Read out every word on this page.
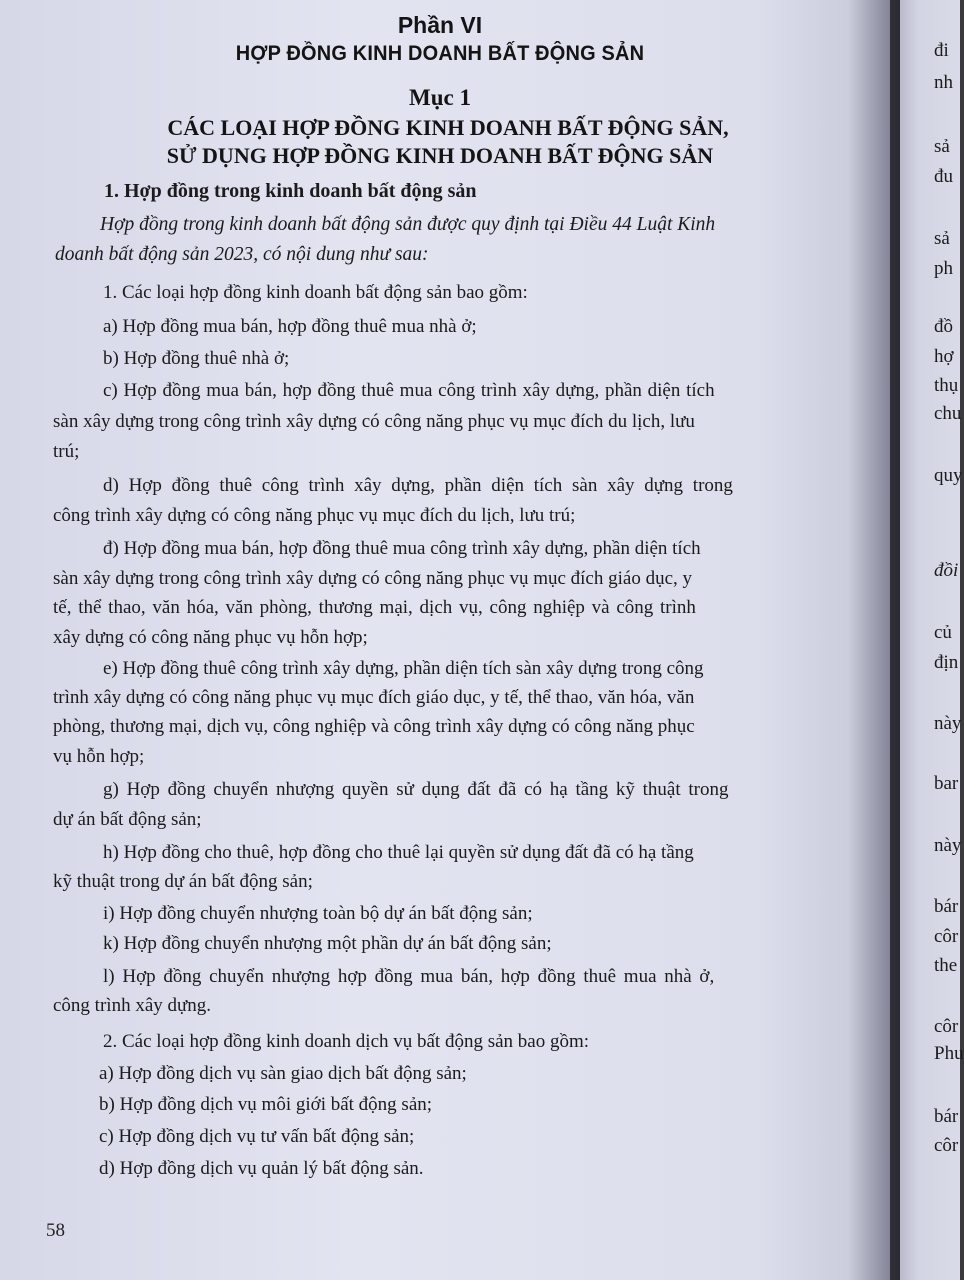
Phần VI
HỢP ĐỒNG KINH DOANH BẤT ĐỘNG SẢN
Mục 1
CÁC LOẠI HỢP ĐỒNG KINH DOANH BẤT ĐỘNG SẢN,
SỬ DỤNG HỢP ĐỒNG KINH DOANH BẤT ĐỘNG SẢN
1. Hợp đồng trong kinh doanh bất động sản
Hợp đồng trong kinh doanh bất động sản được quy định tại Điều 44 Luật Kinh
doanh bất động sản 2023, có nội dung như sau:
1. Các loại hợp đồng kinh doanh bất động sản bao gồm:
a) Hợp đồng mua bán, hợp đồng thuê mua nhà ở;
b) Hợp đồng thuê nhà ở;
c) Hợp đồng mua bán, hợp đồng thuê mua công trình xây dựng, phần diện tích
sàn xây dựng trong công trình xây dựng có công năng phục vụ mục đích du lịch, lưu
trú;
d) Hợp đồng thuê công trình xây dựng, phần diện tích sàn xây dựng trong
công trình xây dựng có công năng phục vụ mục đích du lịch, lưu trú;
đ) Hợp đồng mua bán, hợp đồng thuê mua công trình xây dựng, phần diện tích
sàn xây dựng trong công trình xây dựng có công năng phục vụ mục đích giáo dục, y
tế, thể thao, văn hóa, văn phòng, thương mại, dịch vụ, công nghiệp và công trình
xây dựng có công năng phục vụ hỗn hợp;
e) Hợp đồng thuê công trình xây dựng, phần diện tích sàn xây dựng trong công
trình xây dựng có công năng phục vụ mục đích giáo dục, y tế, thể thao, văn hóa, văn
phòng, thương mại, dịch vụ, công nghiệp và công trình xây dựng có công năng phục
vụ hỗn hợp;
g) Hợp đồng chuyển nhượng quyền sử dụng đất đã có hạ tầng kỹ thuật trong
dự án bất động sản;
h) Hợp đồng cho thuê, hợp đồng cho thuê lại quyền sử dụng đất đã có hạ tầng
kỹ thuật trong dự án bất động sản;
i) Hợp đồng chuyển nhượng toàn bộ dự án bất động sản;
k) Hợp đồng chuyển nhượng một phần dự án bất động sản;
l) Hợp đồng chuyển nhượng hợp đồng mua bán, hợp đồng thuê mua nhà ở,
công trình xây dựng.
2. Các loại hợp đồng kinh doanh dịch vụ bất động sản bao gồm:
a) Hợp đồng dịch vụ sàn giao dịch bất động sản;
b) Hợp đồng dịch vụ môi giới bất động sản;
c) Hợp đồng dịch vụ tư vấn bất động sản;
d) Hợp đồng dịch vụ quản lý bất động sản.
58
đi
nh
sả
đu
sả
ph
đồ
hợ
thụ
chu
quy
đồi
củ
địn
này
bar
này
bár
côr
the
côr
Phu
bár
côr
